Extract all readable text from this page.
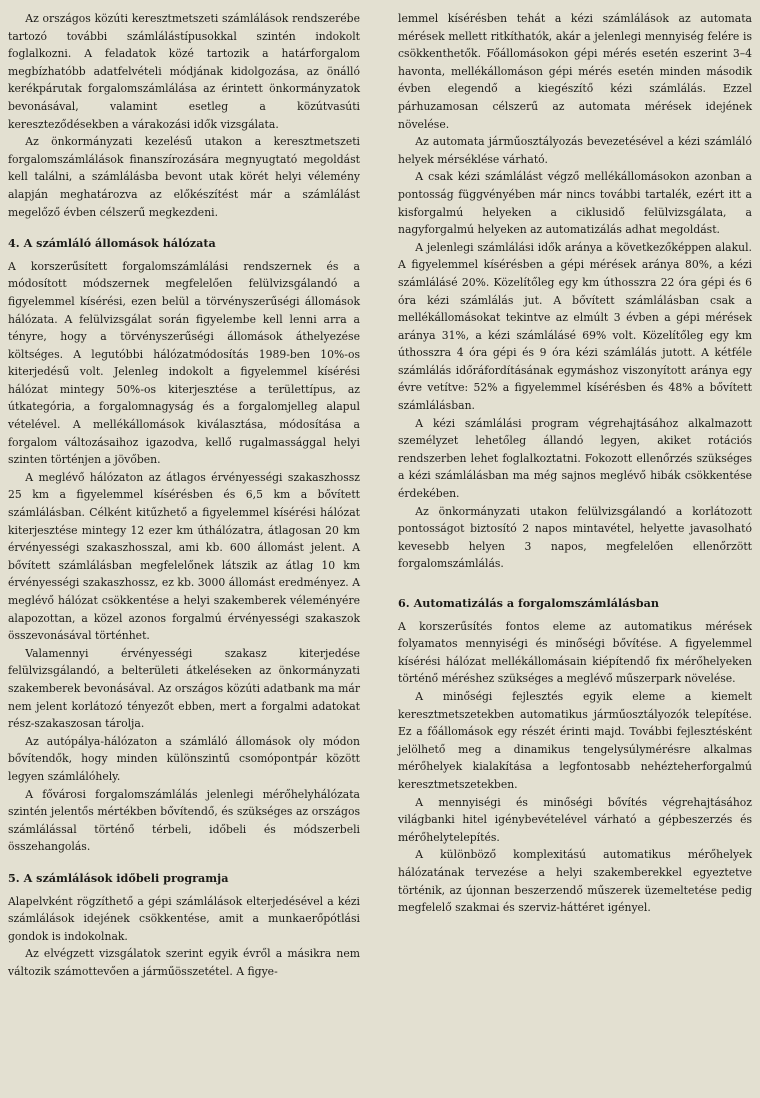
Az országos közúti keresztmetszeti számlálások rendszerébe tartozó további számlálástípusokkal szintén indokolt foglalkozni. A feladatok közé tartozik a határforgalom megbízhatóbb adatfelvételi módjának kidolgozása, az önálló kerékpárutak forgalomszámlálása az érintett önkormányzatok bevonásával, valamint esetleg a közútvasúti kereszteződésekben a várakozási idők vizsgálata.

Az önkormányzati kezelésű utakon a keresztmetszeti forgalomszámlálások finanszírozására megnyugtató megoldást kell találni, a számlálásba bevont utak körét helyi vélemény alapján meghatározva az előkészítést már a számlálást megelőző évben célszerű megkezdeni.

4. A számláló állomások hálózata

A korszerűsített forgalomszámlálási rendszernek és a módosított módszernek megfelelően felülvizsgálandó a figyelemmel kísérési, ezen belül a törvényszerűségi állomások hálózata. A felülvizsgálat során figyelembe kell lenni arra a tényre, hogy a törvényszerűségi állomások áthelyezése költséges. A legutóbbi hálózatmódosítás 1989-ben 10%-os kiterjedésű volt. Jelenleg indokolt a figyelemmel kísérési hálózat mintegy 50%-os kiterjesztése a területtípus, az útkategória, a forgalomnagyság és a forgalomjelleg alapul vételével. A mellékállomások kiválasztása, módosítása a forgalom változásaihoz igazodva, kellő rugalmassággal helyi szinten történjen a jövőben.

A meglévő hálózaton az átlagos érvényességi szakaszhossz 25 km a figyelemmel kísérésben és 6,5 km a bővített számlálásban. Célként kitűzhető a figyelemmel kísérési hálózat kiterjesztése mintegy 12 ezer km úthálózatra, átlagosan 20 km érvényességi szakaszhosszal, ami kb. 600 állomást jelent. A bővített számlálásban megfelelőnek látszik az átlag 10 km érvényességi szakaszhossz, ez kb. 3000 állomást eredményez. A meglévő hálózat csökkentése a helyi szakemberek véleményére alapozottan, a közel azonos forgalmú érvényességi szakaszok összevonásával történhet.

Valamennyi érvényességi szakasz kiterjedése felülvizsgálandó, a belterületi átkeléseken az önkormányzati szakemberek bevonásával. Az országos közúti adatbank ma már nem jelent korlátozó tényezőt ebben, mert a forgalmi adatokat rész-szakaszosan tárolja.

Az autópálya-hálózaton a számláló állomások oly módon bővítendők, hogy minden különszintű csomópontpár között legyen számlálóhely.

A fővárosi forgalomszámlálás jelenlegi mérőhelyhálózata szintén jelentős mértékben bővítendő, és szükséges az országos számlálással történő térbeli, időbeli és módszerbeli összehangolás.

5. A számlálások időbeli programja

Alapelvként rögzíthető a gépi számlálások elterjedésével a kézi számlálások idejének csökkentése, amit a munkaerőpótlási gondok is indokolnak.

Az elvégzett vizsgálatok szerint egyik évről a másikra nem változik számottevően a járműösszetétel. A figye-

lemmel kísérésben tehát a kézi számlálások az automata mérések mellett ritkíthatók, akár a jelenlegi mennyiség felére is csökkenthetők. Főállomásokon gépi mérés esetén eszerint 3–4 havonta, mellékállomáson gépi mérés esetén minden második évben elegendő a kiegészítő kézi számlálás. Ezzel párhuzamosan célszerű az automata mérések idejének növelése.

Az automata járműosztályozás bevezetésével a kézi számláló helyek mérséklése várható.

A csak kézi számlálást végző mellékállomásokon azonban a pontosság függvényében már nincs további tartalék, ezért itt a kisforgalmú helyeken a ciklusidő felülvizsgálata, a nagyforgalmú helyeken az automatizálás adhat megoldást.

A jelenlegi számlálási idők aránya a következőképpen alakul. A figyelemmel kísérésben a gépi mérések aránya 80%, a kézi számlálásé 20%. Közelítőleg egy km úthosszra 22 óra gépi és 6 óra kézi számlálás jut. A bővített számlálásban csak a mellékállomásokat tekintve az elmúlt 3 évben a gépi mérések aránya 31%, a kézi számlálásé 69% volt. Közelítőleg egy km úthosszra 4 óra gépi és 9 óra kézi számlálás jutott. A kétféle számlálás időráfordításának egymáshoz viszonyított aránya egy évre vetítve: 52% a figyelemmel kísérésben és 48% a bővített számlálásban.

A kézi számlálási program végrehajtásához alkalmazott személyzet lehetőleg állandó legyen, akiket rotációs rendszerben lehet foglalkoztatni. Fokozott ellenőrzés szükséges a kézi számlálásban ma még sajnos meglévő hibák csökkentése érdekében.

Az önkormányzati utakon felülvizsgálandó a korlátozott pontosságot biztosító 2 napos mintavétel, helyette javasolható kevesebb helyen 3 napos, megfelelően ellenőrzött forgalomszámlálás.

6. Automatizálás a forgalomszámlálásban

A korszerűsítés fontos eleme az automatikus mérések folyamatos mennyiségi és minőségi bővítése. A figyelemmel kísérési hálózat mellékállomásain kiépítendő fix mérőhelyeken történő méréshez szükséges a meglévő műszerpark növelése.

A minőségi fejlesztés egyik eleme a kiemelt keresztmetszetekben automatikus járműosztályozók telepítése. Ez a főállomások egy részét érinti majd. További fejlesztésként jelölhető meg a dinamikus tengelysúlymérésre alkalmas mérőhelyek kialakítása a legfontosabb nehézteherforgalmú keresztmetszetekben.

A mennyiségi és minőségi bővítés végrehajtásához világbanki hitel igénybevételével várható a gépbeszerzés és mérőhelytelepítés.

A különböző komplexitású automatikus mérőhelyek hálózatának tervezése a helyi szakemberekkel egyeztetve történik, az újonnan beszerzendő műszerek üzemeltetése pedig megfelelő szakmai és szerviz-háttéret igényel.
